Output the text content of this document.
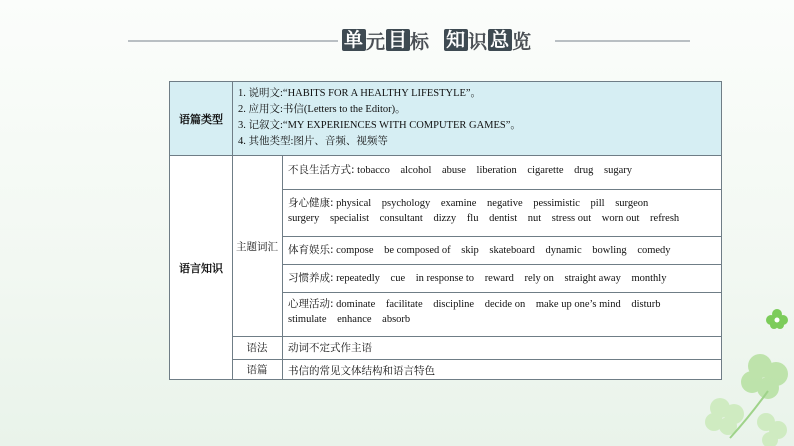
单 元 目 标 知 识 总 览
语篇类型
1. 说明文:“HABITS FOR A HEALTHY LIFESTYLE”。
2. 应用文:书信(Letters to the Editor)。
3. 记叙文:“MY EXPERIENCES WITH COMPUTER GAMES”。
4. 其他类型:图片、音频、视频等
语言知识
主题词汇
语法
语篇
不良生活方式: tobacco alcohol abuse liberation cigarette drug sugary
身心健康: physical psychology examine negative pessimistic pill surgeon
surgery specialist consultant dizzy flu dentist nut stress out worn out refresh
体育娱乐: compose be composed of skip skateboard dynamic bowling comedy
习惯养成: repeatedly cue in response to reward rely on straight away monthly
心理活动: dominate facilitate discipline decide on make up one’s mind disturb
stimulate enhance absorb
动词不定式作主语
书信的常见文体结构和语言特色
